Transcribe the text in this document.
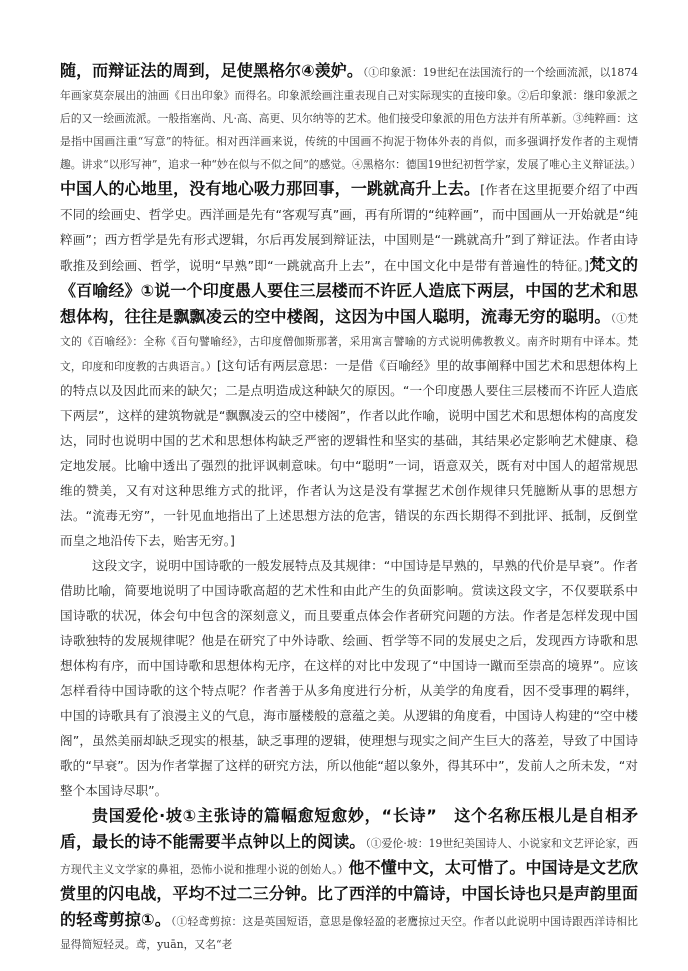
随，而辩证法的周到，足使黑格尔④羡妒。（①印象派：19世纪在法国流行的一个绘画流派，以1874年画家莫奈展出的油画《日出印象》而得名。印象派绘画注重表现自己对实际现实的直接印象。②后印象派：继印象派之后的又一绘画流派。一般指塞尚、凡·高、高更、贝尔纳等的艺术。他们接受印象派的用色方法并有所革新。③纯粹画：这是指中国画注重“写意”的特征。相对西洋画来说，传统的中国画不拘泥于物体外表的肖似，而多强调抒发作者的主观情趣。讲求“以形写神”，追求一种“妙在似与不似之间”的感觉。④黑格尔：德国19世纪初哲学家，发展了唯心主义辩证法。）中国人的心地里，没有地心吸力那回事，一跳就高升上去。[作者在这里扼要介绍了中西不同的绘画史、哲学史。西洋画是先有“客观写真”画，再有所谓的“纯粹画”，而中国画从一开始就是“纯粹画”；西方哲学是先有形式逻辑，尔后再发展到辩证法，中国则是“一跳就高升”到了辩证法。作者由诗歌推及到绘画、哲学，说明“早熟”即“一跳就高升上去”，在中国文化中是带有普遍性的特征。]梵文的《百喻经》①说一个印度愚人要住三层楼而不许匠人造底下两层，中国的艺术和思想体构，往往是飘飘凌云的空中楼阁，这因为中国人聪明，流毒无穷的聪明。（①梵文的《百喻经》：全称《百句譬喻经》，古印度僧伽斯那著，采用寓言譬喻的方式说明佛教教义。南齐时期有中译本。梵文，印度和印度教的古典语言。）[这句话有两层意思：一是借《百喻经》里的故事阐释中国艺术和思想体构上的特点以及因此而来的缺欠；二是点明造成这种缺欠的原因。“一个印度愚人要住三层楼而不许匠人造底下两层”，这样的建筑物就是“飘飘凌云的空中楼阁”，作者以此作喻，说明中国艺术和思想体构的高度发达，同时也说明中国的艺术和思想体构缺乏严密的逻辑性和坚实的基础，其结果必定影响艺术健康、稳定地发展。比喻中透出了强烈的批评讽刺意味。句中“聪明”一词，语意双关，既有对中国人的超常规思维的赞美，又有对这种思维方式的批评，作者认为这是没有掌握艺术创作规律只凭臆断从事的思想方法。“流毒无穷”，一针见血地指出了上述思想方法的危害，错误的东西长期得不到批评、抵制，反倒堂而皇之地沿传下去，贻害无穷。]

这段文字，说明中国诗歌的一般发展特点及其规律：“中国诗是早熟的，早熟的代价是早衰”。作者借助比喻，简要地说明了中国诗歌高超的艺术性和由此产生的负面影响。赏读这段文字，不仅要联系中国诗歌的状况，体会句中包含的深刻意义，而且要重点体会作者研究问题的方法。作者是怎样发现中国诗歌独特的发展规律呢？他是在研究了中外诗歌、绘画、哲学等不同的发展史之后，发现西方诗歌和思想体构有序，而中国诗歌和思想体构无序，在这样的对比中发现了“中国诗一蹴而至崇高的境界”。应该怎样看待中国诗歌的这个特点呢？作者善于从多角度进行分析，从美学的角度看，因不受事理的羁绊，中国的诗歌具有了浪漫主义的气息，海市蜃楼般的意蕴之美。从逻辑的角度看，中国诗人构建的“空中楼阁”，虽然美丽却缺乏现实的根基，缺乏事理的逻辑，使理想与现实之间产生巨大的落差，导致了中国诗歌的“早衰”。因为作者掌握了这样的研究方法，所以他能“超以象外，得其环中”，发前人之所未发，“对整个本国诗尽职”。

贵国爱伦·坡①主张诗的篇幅愈短愈妙，“长诗”　这个名称压根儿是自相矛盾，最长的诗不能需要半点钟以上的阅读。（①爱伦·坡：19世纪美国诗人、小说家和文艺评论家，西方现代主义文学家的鼻祖，恐怖小说和推理小说的创始人。）他不懂中文，太可惜了。中国诗是文艺欣赏里的闪电战，平均不过二三分钟。比了西洋的中篇诗，中国长诗也只是声韵里面的轻鸢剪掠①。（①轻鸢剪掠：这是英国短语，意思是像轻盈的老鹰掠过天空。作者以此说明中国诗跟西洋诗相比显得简短轻灵。鸢，yuān，又名“老
